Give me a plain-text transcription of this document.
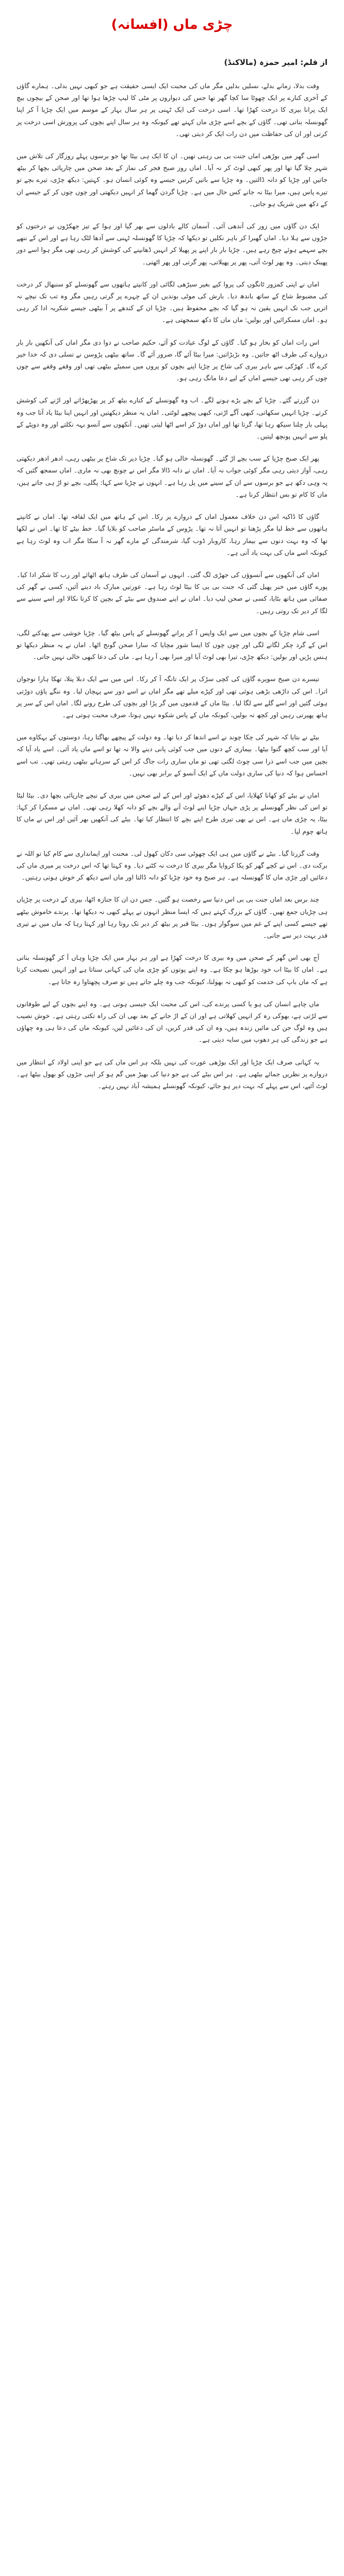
چڑی ماں (افسانہ)
از قلم: امیر حمزہ (مالاکنڈ)

وقت بدلا، زمانے بدلے، نسلیں بدلیں مگر ماں کی محبت ایک ایسی حقیقت ہے جو کبھی نہیں بدلی۔ ہمارے گاؤں کے آخری کنارے پر ایک چھوٹا سا کچا گھر تھا جس کی دیواروں پر مٹی کا لیپ چڑھا ہوا تھا اور صحن کے بیچوں بیچ ایک پرانا بیری کا درخت کھڑا تھا۔ اسی درخت کی ایک ٹہنی پر ہر سال بہار کے موسم میں ایک چڑیا آ کر اپنا گھونسلہ بناتی تھی۔ گاؤں کے بچے اسے چڑی ماں کہتے تھے کیونکہ وہ ہر سال اپنے بچوں کی پرورش اسی درخت پر کرتی اور ان کی حفاظت میں دن رات ایک کر دیتی تھی۔

اسی گھر میں بوڑھی اماں جنت بی بی رہتی تھیں۔ ان کا ایک ہی بیٹا تھا جو برسوں پہلے روزگار کی تلاش میں شہر چلا گیا تھا اور پھر کبھی لوٹ کر نہ آیا۔ اماں روز صبح فجر کی نماز کے بعد صحن میں چارپائی بچھا کر بیٹھ جاتیں اور چڑیا کو دانہ ڈالتیں۔ وہ چڑیا سے باتیں کرتیں جیسے وہ کوئی انسان ہو۔ کہتیں: دیکھ چڑی، تیرے بچے تو تیرے پاس ہیں، میرا بیٹا نہ جانے کس حال میں ہے۔ چڑیا گردن گھما کر انہیں دیکھتی اور چوں چوں کر کے جیسے ان کے دکھ میں شریک ہو جاتی۔

ایک دن گاؤں میں زور کی آندھی آئی۔ آسمان کالے بادلوں سے بھر گیا اور ہوا کے تیز جھکڑوں نے درختوں کو جڑوں سے ہلا دیا۔ اماں گھبرا کر باہر نکلیں تو دیکھا کہ چڑیا کا گھونسلہ ٹہنی سے آدھا لٹک رہا ہے اور اس کے ننھے بچے سہمے ہوئے چیخ رہے ہیں۔ چڑیا بار بار اپنے پر پھیلا کر انہیں ڈھانپنے کی کوشش کر رہی تھی مگر ہوا اسے دور پھینک دیتی۔ وہ پھر لوٹ آتی، پھر پر پھیلاتی، پھر گرتی اور پھر اٹھتی۔

اماں نے اپنی کمزور ٹانگوں کی پروا کیے بغیر سیڑھی لگائی اور کانپتے ہاتھوں سے گھونسلے کو سنبھال کر درخت کی مضبوط شاخ کے ساتھ باندھ دیا۔ بارش کی موٹی بوندیں ان کے چہرے پر گرتی رہیں مگر وہ تب تک نیچے نہ اتریں جب تک انہیں یقین نہ ہو گیا کہ بچے محفوظ ہیں۔ چڑیا ان کے کندھے پر آ بیٹھی جیسے شکریہ ادا کر رہی ہو۔ اماں مسکرائیں اور بولیں: ماں ماں کا دکھ سمجھتی ہے۔

اس رات اماں کو بخار ہو گیا۔ گاؤں کے لوگ عیادت کو آئے، حکیم صاحب نے دوا دی مگر اماں کی آنکھیں بار بار دروازے کی طرف اٹھ جاتیں۔ وہ بڑبڑاتیں: میرا بیٹا آئے گا، ضرور آئے گا۔ ساتھ بیٹھی پڑوسن نے تسلی دی کہ خدا خیر کرے گا۔ کھڑکی سے باہر بیری کی شاخ پر چڑیا اپنے بچوں کو پروں میں سمیٹے بیٹھی تھی اور وقفے وقفے سے چوں چوں کر رہی تھی جیسے اماں کے لیے دعا مانگ رہی ہو۔

دن گزرتے گئے۔ چڑیا کے بچے بڑے ہونے لگے۔ اب وہ گھونسلے کے کنارے بیٹھ کر پر پھڑپھڑاتے اور اڑنے کی کوشش کرتے۔ چڑیا انہیں سکھاتی، کبھی آگے اڑتی، کبھی پیچھے لوٹتی۔ اماں یہ منظر دیکھتیں اور انہیں اپنا بیٹا یاد آتا جب وہ پہلی بار چلنا سیکھ رہا تھا، گرتا تھا اور اماں دوڑ کر اسے اٹھا لیتی تھیں۔ آنکھوں سے آنسو بہہ نکلتے اور وہ دوپٹے کے پلو سے انہیں پونچھ لیتیں۔

پھر ایک صبح چڑیا کے سب بچے اڑ گئے۔ گھونسلہ خالی ہو گیا۔ چڑیا دیر تک شاخ پر بیٹھی رہی، ادھر ادھر دیکھتی رہی، آواز دیتی رہی مگر کوئی جواب نہ آیا۔ اماں نے دانہ ڈالا مگر اس نے چونچ بھی نہ ماری۔ اماں سمجھ گئیں کہ یہ وہی دکھ ہے جو برسوں سے ان کے سینے میں پل رہا ہے۔ انہوں نے چڑیا سے کہا: پگلی، بچے تو اڑ ہی جاتے ہیں، ماں کا کام تو بس انتظار کرنا ہے۔

گاؤں کا ڈاکیہ اس دن خلاف معمول اماں کے دروازے پر رکا۔ اس کے ہاتھ میں ایک لفافہ تھا۔ اماں نے کانپتے ہاتھوں سے خط لیا مگر پڑھنا تو انہیں آتا نہ تھا۔ پڑوس کے ماسٹر صاحب کو بلایا گیا۔ خط بیٹے کا تھا۔ اس نے لکھا تھا کہ وہ بہت دنوں سے بیمار رہا، کاروبار ڈوب گیا، شرمندگی کے مارے گھر نہ آ سکا مگر اب وہ لوٹ رہا ہے کیونکہ اسے ماں کی بہت یاد آتی ہے۔

اماں کی آنکھوں سے آنسوؤں کی جھڑی لگ گئی۔ انہوں نے آسمان کی طرف ہاتھ اٹھائے اور رب کا شکر ادا کیا۔ پورے گاؤں میں خبر پھیل گئی کہ جنت بی بی کا بیٹا لوٹ رہا ہے۔ عورتیں مبارک باد دینے آئیں، کسی نے گھر کی صفائی میں ہاتھ بٹایا، کسی نے صحن لیپ دیا۔ اماں نے اپنے صندوق سے بیٹے کے بچپن کا کرتا نکالا اور اسے سینے سے لگا کر دیر تک روتی رہیں۔

اسی شام چڑیا کے بچوں میں سے ایک واپس آ کر پرانے گھونسلے کے پاس بیٹھ گیا۔ چڑیا خوشی سے پھدکنے لگی، اس کے گرد چکر لگانے لگی اور چوں چوں کا ایسا شور مچایا کہ سارا صحن گونج اٹھا۔ اماں نے یہ منظر دیکھا تو ہنس پڑیں اور بولیں: دیکھ چڑی، تیرا بھی لوٹ آیا اور میرا بھی آ رہا ہے۔ ماں کی دعا کبھی خالی نہیں جاتی۔

تیسرے دن صبح سویرے گاؤں کی کچی سڑک پر ایک تانگہ آ کر رکا۔ اس میں سے ایک دبلا پتلا، تھکا ہارا نوجوان اترا۔ اس کی داڑھی بڑھی ہوئی تھی اور کپڑے میلے تھے مگر اماں نے اسے دور سے پہچان لیا۔ وہ ننگے پاؤں دوڑتی ہوئی گئیں اور اسے گلے سے لگا لیا۔ بیٹا ماں کے قدموں میں گر پڑا اور بچوں کی طرح رونے لگا۔ اماں اس کے سر پر ہاتھ پھیرتی رہیں اور کچھ نہ بولیں، کیونکہ ماں کے پاس شکوہ نہیں ہوتا، صرف محبت ہوتی ہے۔

بیٹے نے بتایا کہ شہر کی چکا چوند نے اسے اندھا کر دیا تھا۔ وہ دولت کے پیچھے بھاگتا رہا، دوستوں کے بہکاوے میں آیا اور سب کچھ گنوا بیٹھا۔ بیماری کے دنوں میں جب کوئی پانی دینے والا نہ تھا تو اسے ماں یاد آئی۔ اسے یاد آیا کہ بچپن میں جب اسے ذرا سی چوٹ لگتی تھی تو ماں ساری رات جاگ کر اس کے سرہانے بیٹھی رہتی تھی۔ تب اسے احساس ہوا کہ دنیا کی ساری دولت ماں کے ایک آنسو کے برابر بھی نہیں۔

اماں نے بیٹے کو کھانا کھلایا، اس کے کپڑے دھوئے اور اس کے لیے صحن میں بیری کے نیچے چارپائی بچھا دی۔ بیٹا لیٹا تو اس کی نظر گھونسلے پر پڑی جہاں چڑیا اپنے لوٹ آنے والے بچے کو دانہ کھلا رہی تھی۔ اماں نے مسکرا کر کہا: بیٹا، یہ چڑی ماں ہے۔ اس نے بھی تیری طرح اپنے بچے کا انتظار کیا تھا۔ بیٹے کی آنکھیں بھر آئیں اور اس نے ماں کا ہاتھ چوم لیا۔

وقت گزرتا گیا۔ بیٹے نے گاؤں میں ہی ایک چھوٹی سی دکان کھول لی۔ محنت اور ایمانداری سے کام کیا تو اللہ نے برکت دی۔ اس نے کچے گھر کو پکا کروایا مگر بیری کا درخت نہ کٹنے دیا۔ وہ کہتا تھا کہ اس درخت پر میری ماں کی دعائیں اور چڑی ماں کا گھونسلہ ہے۔ ہر صبح وہ خود چڑیا کو دانہ ڈالتا اور ماں اسے دیکھ کر خوش ہوتی رہتیں۔

چند برس بعد اماں جنت بی بی اس دنیا سے رخصت ہو گئیں۔ جس دن ان کا جنازہ اٹھا، بیری کے درخت پر چڑیاں ہی چڑیاں جمع تھیں۔ گاؤں کے بزرگ کہتے ہیں کہ ایسا منظر انہوں نے پہلے کبھی نہ دیکھا تھا۔ پرندے خاموش بیٹھے تھے جیسے کسی اپنے کے غم میں سوگوار ہوں۔ بیٹا قبر پر بیٹھ کر دیر تک روتا رہا اور کہتا رہا کہ ماں میں نے تیری قدر بہت دیر سے جانی۔

آج بھی اس گھر کے صحن میں وہ بیری کا درخت کھڑا ہے اور ہر بہار میں ایک چڑیا وہاں آ کر گھونسلہ بناتی ہے۔ اماں کا بیٹا اب خود بوڑھا ہو چکا ہے۔ وہ اپنے پوتوں کو چڑی ماں کی کہانی سناتا ہے اور انہیں نصیحت کرتا ہے کہ ماں باپ کی خدمت کو کبھی نہ بھولنا، کیونکہ جب وہ چلے جاتے ہیں تو صرف پچھتاوا رہ جاتا ہے۔

ماں چاہے انسان کی ہو یا کسی پرندے کی، اس کی محبت ایک جیسی ہوتی ہے۔ وہ اپنے بچوں کے لیے طوفانوں سے لڑتی ہے، بھوکی رہ کر انہیں کھلاتی ہے اور ان کے اڑ جانے کے بعد بھی ان کی راہ تکتی رہتی ہے۔ خوش نصیب ہیں وہ لوگ جن کی مائیں زندہ ہیں، وہ ان کی قدر کریں، ان کی دعائیں لیں، کیونکہ ماں کی دعا ہی وہ چھاؤں ہے جو زندگی کی ہر دھوپ میں سایہ دیتی ہے۔

یہ کہانی صرف ایک چڑیا اور ایک بوڑھی عورت کی نہیں بلکہ ہر اس ماں کی ہے جو اپنی اولاد کے انتظار میں دروازے پر نظریں جمائے بیٹھی ہے۔ ہر اس بیٹے کی ہے جو دنیا کی بھیڑ میں گم ہو کر اپنی جڑوں کو بھول بیٹھا ہے۔ لوٹ آئیے، اس سے پہلے کہ بہت دیر ہو جائے، کیونکہ گھونسلے ہمیشہ آباد نہیں رہتے۔
